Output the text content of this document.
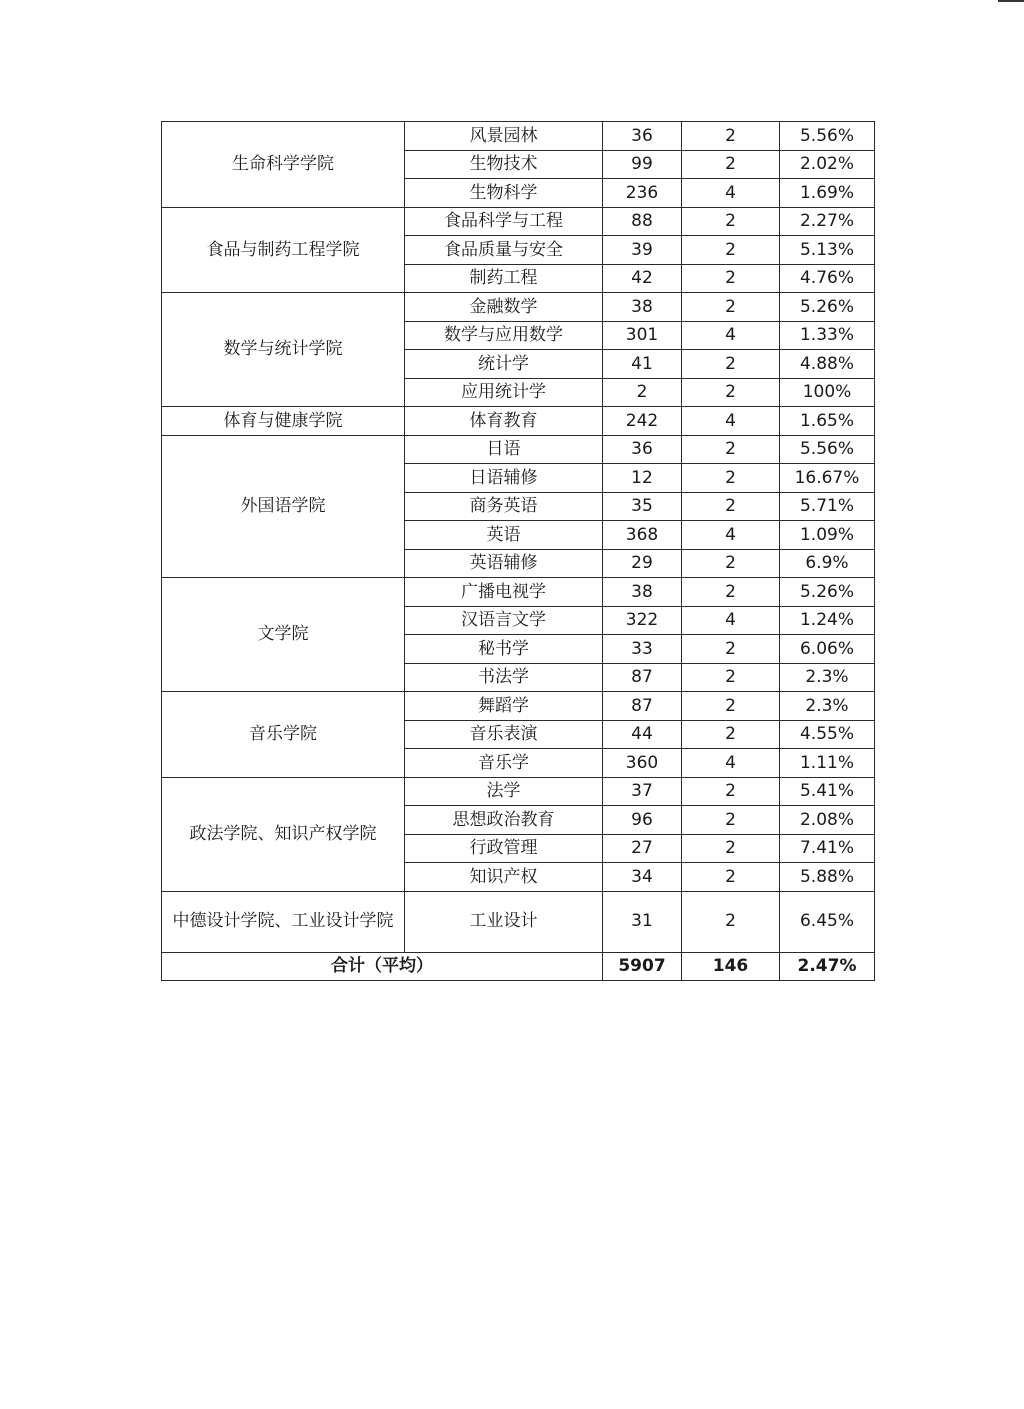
生命科学学院	风景园林	36	2	5.56%
	生物技术	99	2	2.02%
	生物科学	236	4	1.69%
食品与制药工程学院	食品科学与工程	88	2	2.27%
	食品质量与安全	39	2	5.13%
	制药工程	42	2	4.76%
数学与统计学院	金融数学	38	2	5.26%
	数学与应用数学	301	4	1.33%
	统计学	41	2	4.88%
	应用统计学	2	2	100%
体育与健康学院	体育教育	242	4	1.65%
外国语学院	日语	36	2	5.56%
	日语辅修	12	2	16.67%
	商务英语	35	2	5.71%
	英语	368	4	1.09%
	英语辅修	29	2	6.9%
文学院	广播电视学	38	2	5.26%
	汉语言文学	322	4	1.24%
	秘书学	33	2	6.06%
	书法学	87	2	2.3%
音乐学院	舞蹈学	87	2	2.3%
	音乐表演	44	2	4.55%
	音乐学	360	4	1.11%
政法学院、知识产权学院	法学	37	2	5.41%
	思想政治教育	96	2	2.08%
	行政管理	27	2	7.41%
	知识产权	34	2	5.88%
中德设计学院、工业设计学院	工业设计	31	2	6.45%
合计（平均）		5907	146	2.47%
